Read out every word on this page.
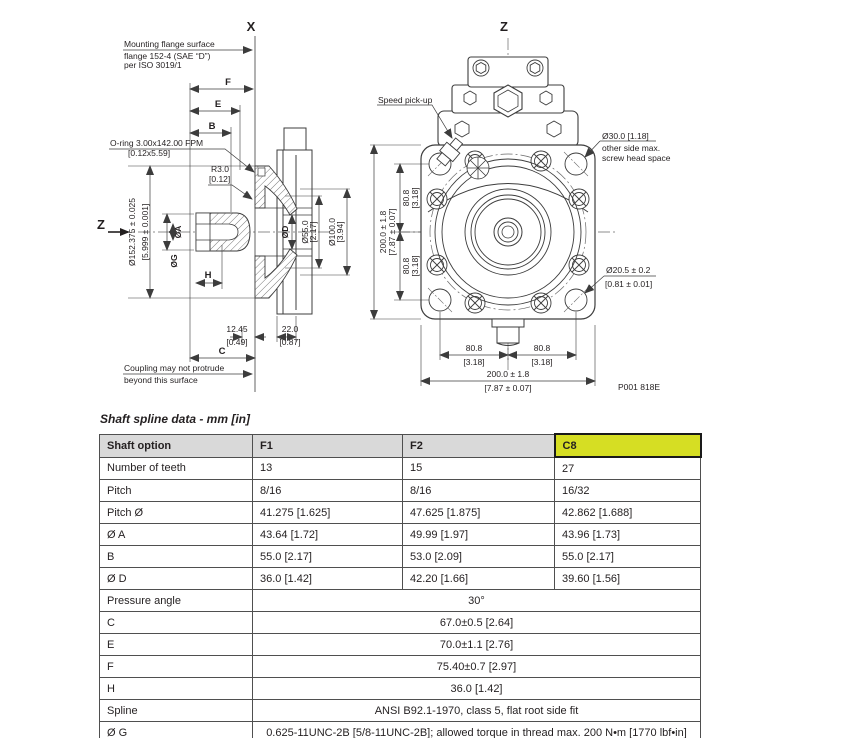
X
Z
Mounting flange surface
flange 152-4 (SAE “D”)
per ISO 3019/1
F
E
B
O-ring 3.00x142.00 FPM
[0.12x5.59]
R3.0
[0.12]
Ø152.375 ± 0.025 [5.999 ± 0.001]	ØA
ØG
H
ØD Ø55.0
[2.17] Ø100.0
[3.94]
12.45
[0.49]
22.0
[0.87]
C
Coupling may not protrude
beyond this surface
Z
Speed pick-up
Ø30.0 [1.18]
other side max.
screw head space
Ø20.5 ± 0.2
[0.81 ± 0.01]
200.0 ± 1.8 [7.87 ± 0.07]
80.8 [3.18]
80.8 [3.18]
80.8
[3.18]
80.8
[3.18]
200.0 ± 1.8
[7.87 ± 0.07]	P001 818E

Shaft spline data - mm [in]

Shaft option	F1	F2	C8
Number of teeth	13	15	27
Pitch	8/16	8/16	16/32
Pitch Ø	41.275 [1.625]	47.625 [1.875]	42.862 [1.688]
Ø A	43.64 [1.72]	49.99 [1.97]	43.96 [1.73]
B	55.0 [2.17]	53.0 [2.09]	55.0 [2.17]
Ø D	36.0 [1.42]	42.20 [1.66]	39.60 [1.56]
Pressure angle	30°		
C	67.0±0.5 [2.64]		
E	70.0±1.1 [2.76]		
F	75.40±0.7 [2.97]		
H	36.0 [1.42]		
Spline	ANSI B92.1-1970, class 5, flat root side fit		
Ø G	0.625-11UNC-2B [5/8-11UNC-2B]; allowed torque in thread max. 200 N•m [1770 lbf•in]		
